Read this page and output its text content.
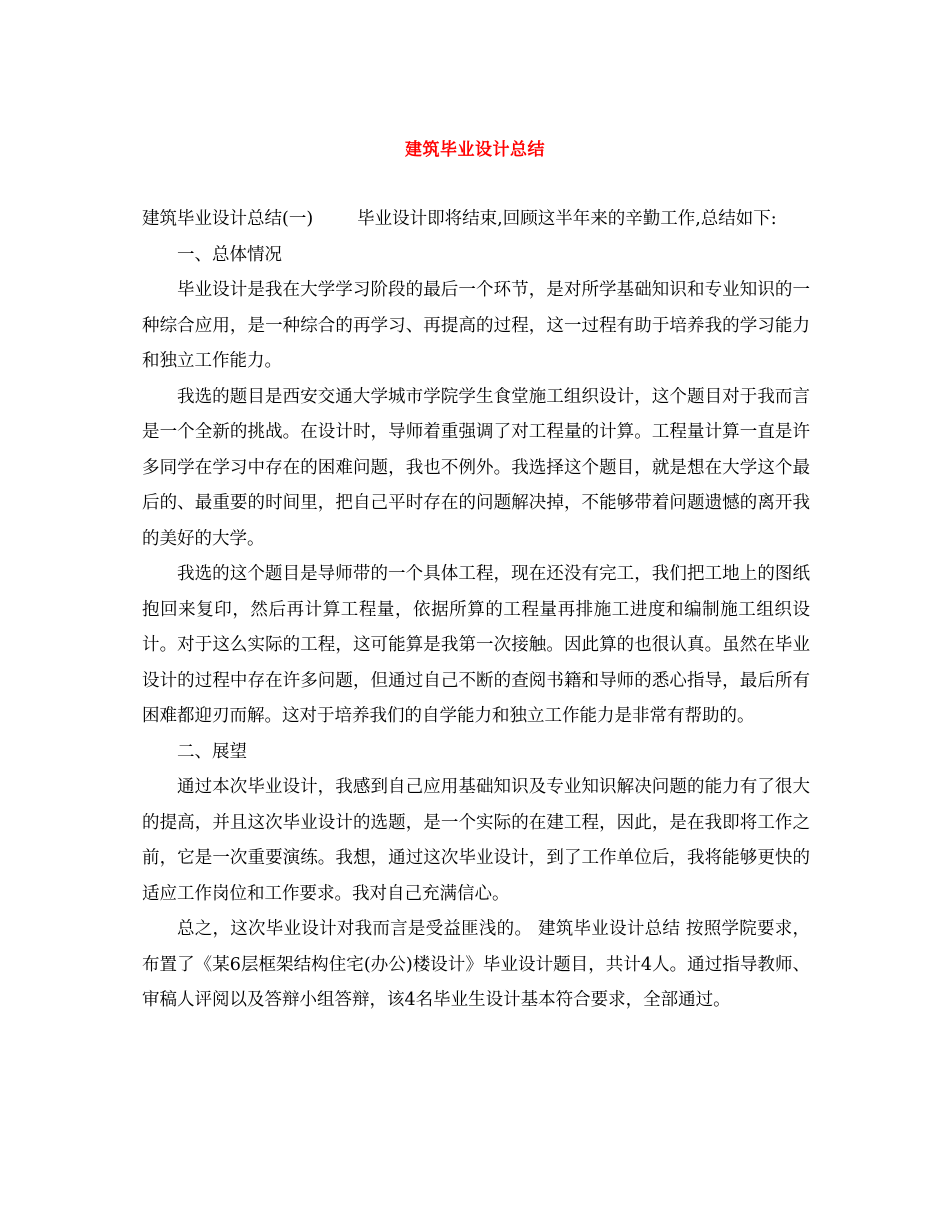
建筑毕业设计总结

建筑毕业设计总结(一)	毕业设计即将结束,回顾这半年来的辛勤工作,总结如下:

一、总体情况

毕业设计是我在大学学习阶段的最后一个环节，是对所学基础知识和专业知识的一种综合应用，是一种综合的再学习、再提高的过程，这一过程有助于培养我的学习能力和独立工作能力。

我选的题目是西安交通大学城市学院学生食堂施工组织设计，这个题目对于我而言是一个全新的挑战。在设计时，导师着重强调了对工程量的计算。工程量计算一直是许多同学在学习中存在的困难问题，我也不例外。我选择这个题目，就是想在大学这个最后的、最重要的时间里，把自己平时存在的问题解决掉，不能够带着问题遗憾的离开我的美好的大学。

我选的这个题目是导师带的一个具体工程，现在还没有完工，我们把工地上的图纸抱回来复印，然后再计算工程量，依据所算的工程量再排施工进度和编制施工组织设计。对于这么实际的工程，这可能算是我第一次接触。因此算的也很认真。虽然在毕业设计的过程中存在许多问题，但通过自己不断的查阅书籍和导师的悉心指导，最后所有困难都迎刃而解。这对于培养我们的自学能力和独立工作能力是非常有帮助的。

二、展望

通过本次毕业设计，我感到自己应用基础知识及专业知识解决问题的能力有了很大的提高，并且这次毕业设计的选题，是一个实际的在建工程，因此，是在我即将工作之前，它是一次重要演练。我想，通过这次毕业设计，到了工作单位后，我将能够更快的适应工作岗位和工作要求。我对自己充满信心。

总之，这次毕业设计对我而言是受益匪浅的。 建筑毕业设计总结 按照学院要求，布置了《某6层框架结构住宅(办公)楼设计》毕业设计题目，共计4人。通过指导教师、审稿人评阅以及答辩小组答辩，该4名毕业生设计基本符合要求，全部通过。
